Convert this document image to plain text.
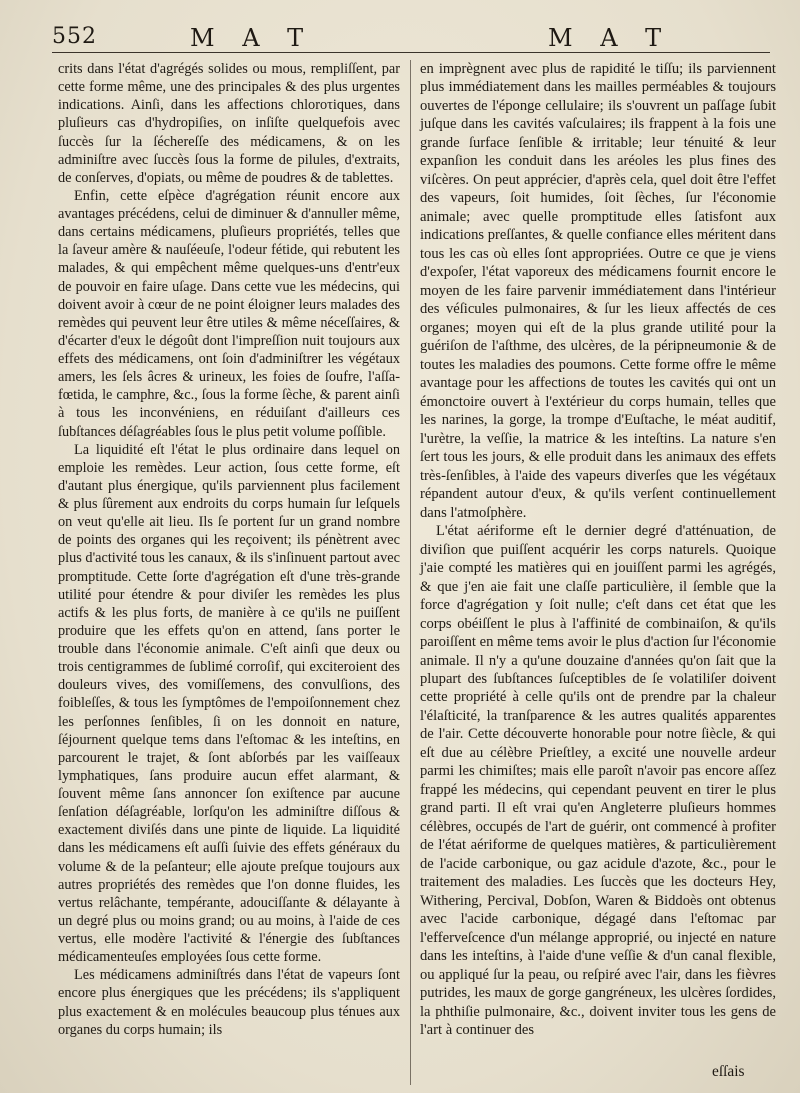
552	M A T	M A T

crits dans l'état d'agrégés solides ou mous, rempliſſent, par cette forme même, une des principales & des plus urgentes indications. Ainſi, dans les affections chloroτiques, dans pluſieurs cas d'hydropiſies, on inſiſte quelquefois avec ſuccès ſur la ſécherеſſe des médicamens, & on les adminiſtre avec ſuccès ſous la forme de pilules, d'extraits, de conſerves, d'opiats, ou même de poudres & de tablettes.

Enfin, cette eſpèce d'agrégation réunit encore aux avantages précédens, celui de diminuer & d'annuller même, dans certains médicamens, pluſieurs propriétés, telles que la ſaveur amère & nauſéeuſe, l'odeur fétide, qui rebutent les malades, & qui empêchent même quelques-uns d'entr'eux de pouvoir en faire uſage. Dans cette vue les médecins, qui doivent avoir à cœur de ne point éloigner leurs malades des remèdes qui peuvent leur être utiles & même néceſſaires, & d'écarter d'eux le dégoût dont l'impreſſion nuit toujours aux effets des médicamens, ont ſoin d'adminiſtrer les végétaux amers, les ſels âcres & urineux, les foies de ſoufre, l'aſſa-fœtida, le camphre, &c., ſous la forme ſèche, & parent ainſi à tous les inconvéniens, en réduiſant d'ailleurs ces ſubſtances déſagréables ſous le plus petit volume poſſible.

La liquidité eſt l'état le plus ordinaire dans lequel on emploie les remèdes. Leur action, ſous cette forme, eſt d'autant plus énergique, qu'ils parviennent plus facilement & plus ſûrement aux endroits du corps humain ſur leſquels on veut qu'elle ait lieu. Ils ſe portent ſur un grand nombre de points des organes qui les reçoivent; ils pénètrent avec plus d'activité tous les canaux, & ils s'inſinuent partout avec promptitude. Cette ſorte d'agrégation eſt d'une très-grande utilité pour étendre & pour diviſer les remèdes les plus actifs & les plus forts, de manière à ce qu'ils ne puiſſent produire que les effets qu'on en attend, ſans porter le trouble dans l'économie animale. C'eſt ainſi que deux ou trois centigrammes de ſublimé corroſif, qui exciteroient des douleurs vives, des vomiſſemens, des convulſions, des foibleſſes, & tous les ſymptômes de l'empoiſonnement chez les perſonnes ſenſibles, ſi on les donnoit en nature, ſéjournent quelque tems dans l'eſtomac & les inteſtins, en parcourent le trajet, & ſont abſorbés par les vaiſſeaux lymphatiques, ſans produire aucun effet alarmant, & ſouvent même ſans annoncer ſon exiſtence par aucune ſenſation déſagréable, lorſqu'on les adminiſtre diſſous & exactement diviſés dans une pinte de liquide. La liquidité dans les médicamens eſt auſſi ſuivie des effets généraux du volume & de la peſanteur; elle ajoute preſque toujours aux autres propriétés des remèdes que l'on donne fluides, les vertus relâchante, tempérante, adouciſſante & délayante à un degré plus ou moins grand; ou au moins, à l'aide de ces vertus, elle modère l'activité & l'énergie des ſubſtances médicamenteuſes employées ſous cette forme.

Les médicamens adminiſtrés dans l'état de vapeurs ſont encore plus énergiques que les précédens; ils s'appliquent plus exactement & en molécules beaucoup plus ténues aux organes du corps humain; ils

en imprègnent avec plus de rapidité le tiſſu; ils parviennent plus immédiatement dans les mailles perméables & toujours ouvertes de l'éponge cellulaire; ils s'ouvrent un paſſage ſubit juſque dans les cavités vaſculaires; ils frappent à la fois une grande ſurface ſenſible & irritable; leur ténuité & leur expanſion les conduit dans les aréoles les plus fines des viſcères. On peut apprécier, d'après cela, quel doit être l'effet des vapeurs, ſoit humides, ſoit ſèches, ſur l'économie animale; avec quelle promptitude elles ſatisfont aux indications preſſantes, & quelle confiance elles méritent dans tous les cas où elles ſont appropriées. Outre ce que je viens d'expoſer, l'état vaporeux des médicamens fournit encore le moyen de les faire parvenir immédiatement dans l'intérieur des véſicules pulmonaires, & ſur les lieux affectés de ces organes; moyen qui eſt de la plus grande utilité pour la guériſon de l'aſthme, des ulcères, de la péripneumonie & de toutes les maladies des poumons. Cette forme offre le même avantage pour les affections de toutes les cavités qui ont un émonctoire ouvert à l'extérieur du corps humain, telles que les narines, la gorge, la trompe d'Euſtache, le méat auditif, l'urètre, la veſſie, la matrice & les inteſtins. La nature s'en ſert tous les jours, & elle produit dans les animaux des effets très-ſenſibles, à l'aide des vapeurs diverſes que les végétaux répandent autour d'eux, & qu'ils verſent continuellement dans l'atmoſphère.

L'état aériforme eſt le dernier degré d'atténuation, de diviſion que puiſſent acquérir les corps naturels. Quoique j'aie compté les matières qui en jouiſſent parmi les agrégés, & que j'en aie fait une claſſe particulière, il ſemble que la force d'agrégation y ſoit nulle; c'eſt dans cet état que les corps obéiſſent le plus à l'affinité de combinaiſon, & qu'ils paroiſſent en même tems avoir le plus d'action ſur l'économie animale. Il n'y a qu'une douzaine d'années qu'on ſait que la plupart des ſubſtances ſuſceptibles de ſe volatiliſer doivent cette propriété à celle qu'ils ont de prendre par la chaleur l'élaſticité, la tranſparence & les autres qualités apparentes de l'air. Cette découverte honorable pour notre ſiècle, & qui eſt due au célèbre Prieſtley, a excité une nouvelle ardeur parmi les chimiſtes; mais elle paroît n'avoir pas encore aſſez frappé les médecins, qui cependant peuvent en tirer le plus grand parti. Il eſt vrai qu'en Angleterre pluſieurs hommes célèbres, occupés de l'art de guérir, ont commencé à profiter de l'état aériforme de quelques matières, & particulièrement de l'acide carbonique, ou gaz acidule d'azote, &c., pour le traitement des maladies. Les ſuccès que les docteurs Hey, Withering, Percival, Dobſon, Waren & Biddoès ont obtenus avec l'acide carbonique, dégagé dans l'eſtomac par l'efferveſcence d'un mélange approprié, ou injecté en nature dans les inteſtins, à l'aide d'une veſſie & d'un canal flexible, ou appliqué ſur la peau, ou reſpiré avec l'air, dans les fièvres putrides, les maux de gorge gangréneux, les ulcères ſordides, la phthiſie pulmonaire, &c., doivent inviter tous les gens de l'art à continuer des

eſſais
